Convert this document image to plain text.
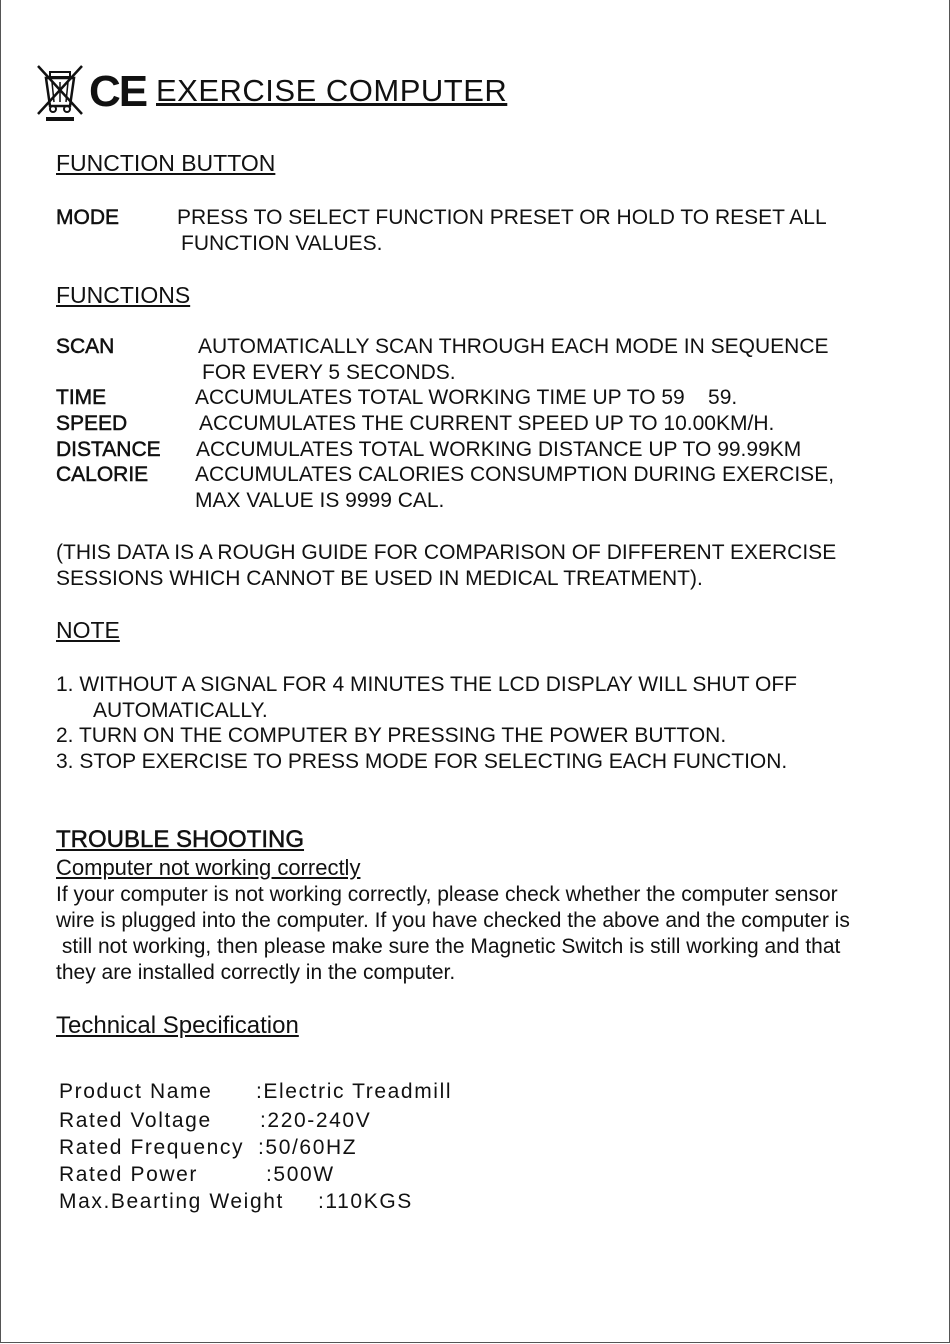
CE EXERCISE COMPUTER
FUNCTION BUTTON
MODE	PRESS TO SELECT FUNCTION PRESET OR HOLD TO RESET ALL
FUNCTION VALUES.
FUNCTIONS
SCAN	AUTOMATICALLY SCAN THROUGH EACH MODE IN SEQUENCE
FOR EVERY 5 SECONDS.
TIME	ACCUMULATES TOTAL WORKING TIME UP TO 59    59.
SPEED	ACCUMULATES THE CURRENT SPEED UP TO 10.00KM/H.
DISTANCE ACCUMULATES TOTAL WORKING DISTANCE UP TO 99.99KM
CALORIE ACCUMULATES CALORIES CONSUMPTION DURING EXERCISE,
MAX VALUE IS 9999 CAL.
(THIS DATA IS A ROUGH GUIDE FOR COMPARISON OF DIFFERENT EXERCISE
SESSIONS WHICH CANNOT BE USED IN MEDICAL TREATMENT).
NOTE
1. WITHOUT A SIGNAL FOR 4 MINUTES THE LCD DISPLAY WILL SHUT OFF
AUTOMATICALLY.
2. TURN ON THE COMPUTER BY PRESSING THE POWER BUTTON.
3. STOP EXERCISE TO PRESS MODE FOR SELECTING EACH FUNCTION.
TROUBLE SHOOTING
Computer not working correctly
If your computer is not working correctly, please check whether the computer sensor
wire is plugged into the computer. If you have checked the above and the computer is
still not working, then please make sure the Magnetic Switch is still working and that
they are installed correctly in the computer.
Technical Specification
Product Name :Electric Treadmill
Rated Voltage :220-240V
Rated Frequency :50/60HZ
Rated Power	:500W
Max.Bearting Weight :110KGS
